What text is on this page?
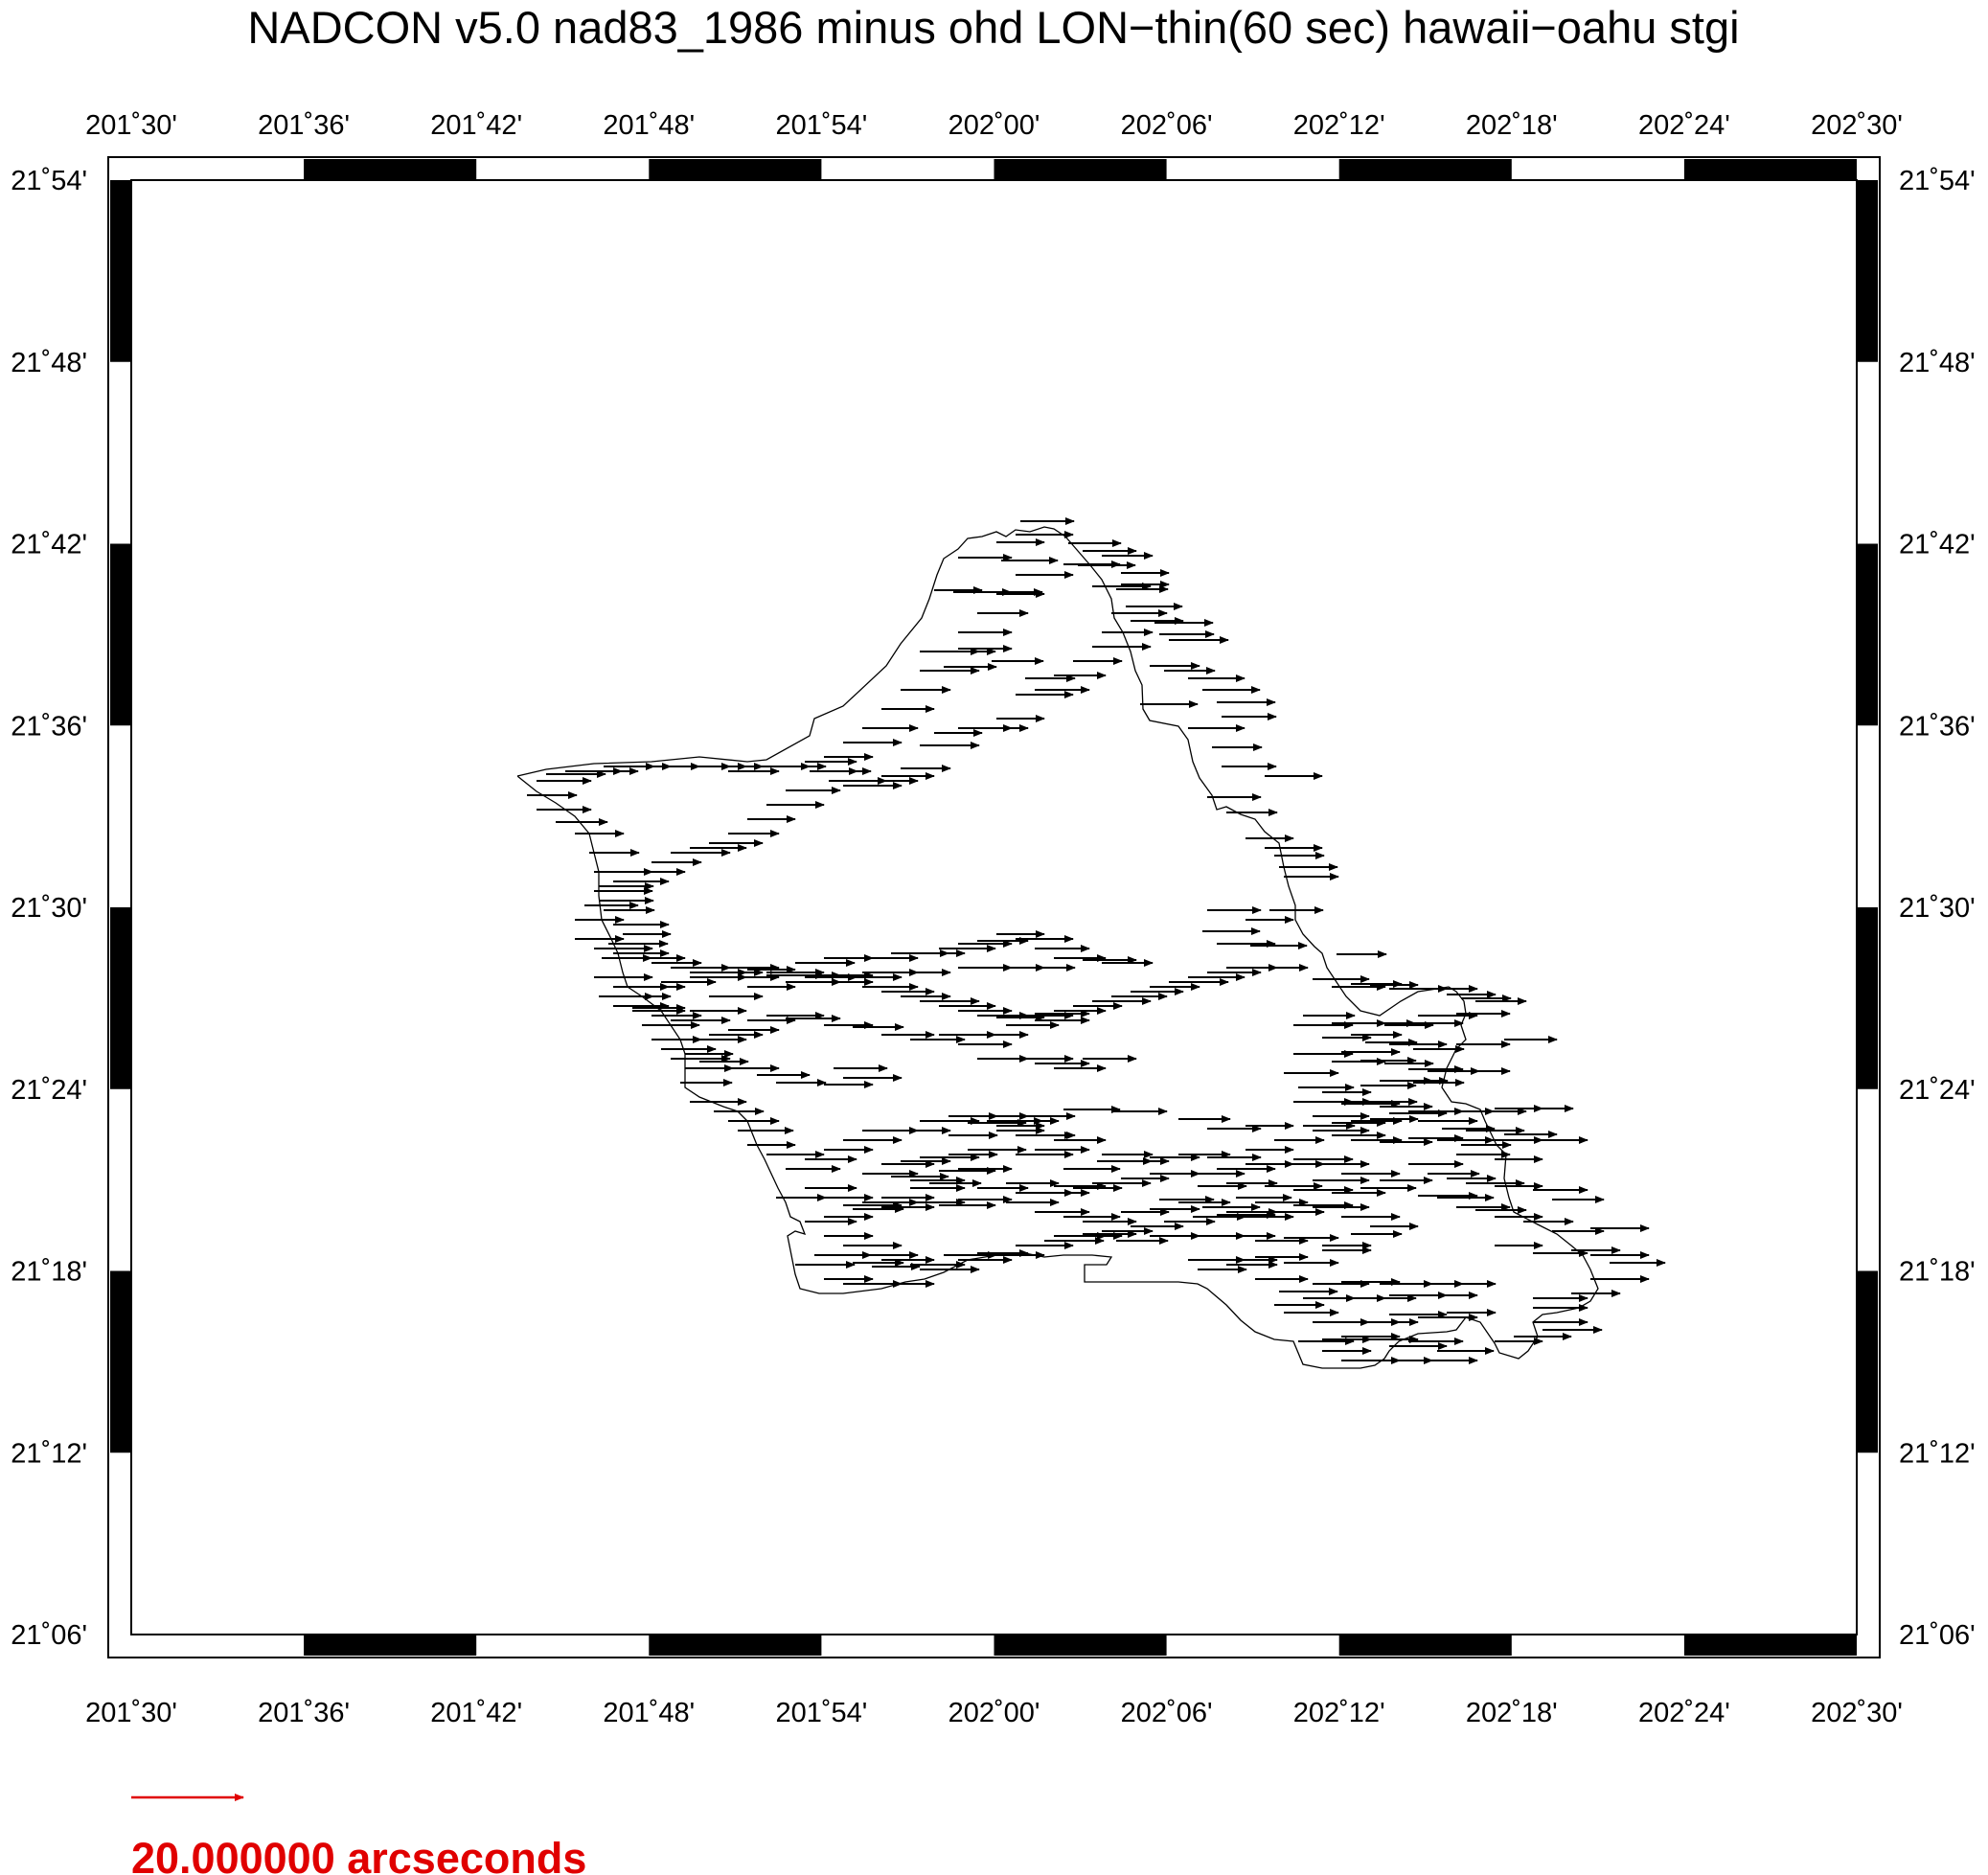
NADCON v5.0 nad83_1986 minus ohd LON−thin(60 sec) hawaii−oahu stgi
201˚30'	201˚36'	201˚42'	201˚48'	201˚54'	202˚00'	202˚06'	202˚12'	202˚18'	202˚24'	202˚30'
201˚30'	201˚36'	201˚42'	201˚48'	201˚54'	202˚00'	202˚06'	202˚12'	202˚18'	202˚24'	202˚30'
21˚54'
21˚48'
21˚42'
21˚36'
21˚30'
21˚24'
21˚18'
21˚12'
21˚06'
21˚54'
21˚48'
21˚42'
21˚36'
21˚30'
21˚24'
21˚18'
21˚12'
21˚06'
20.000000 arcseconds
